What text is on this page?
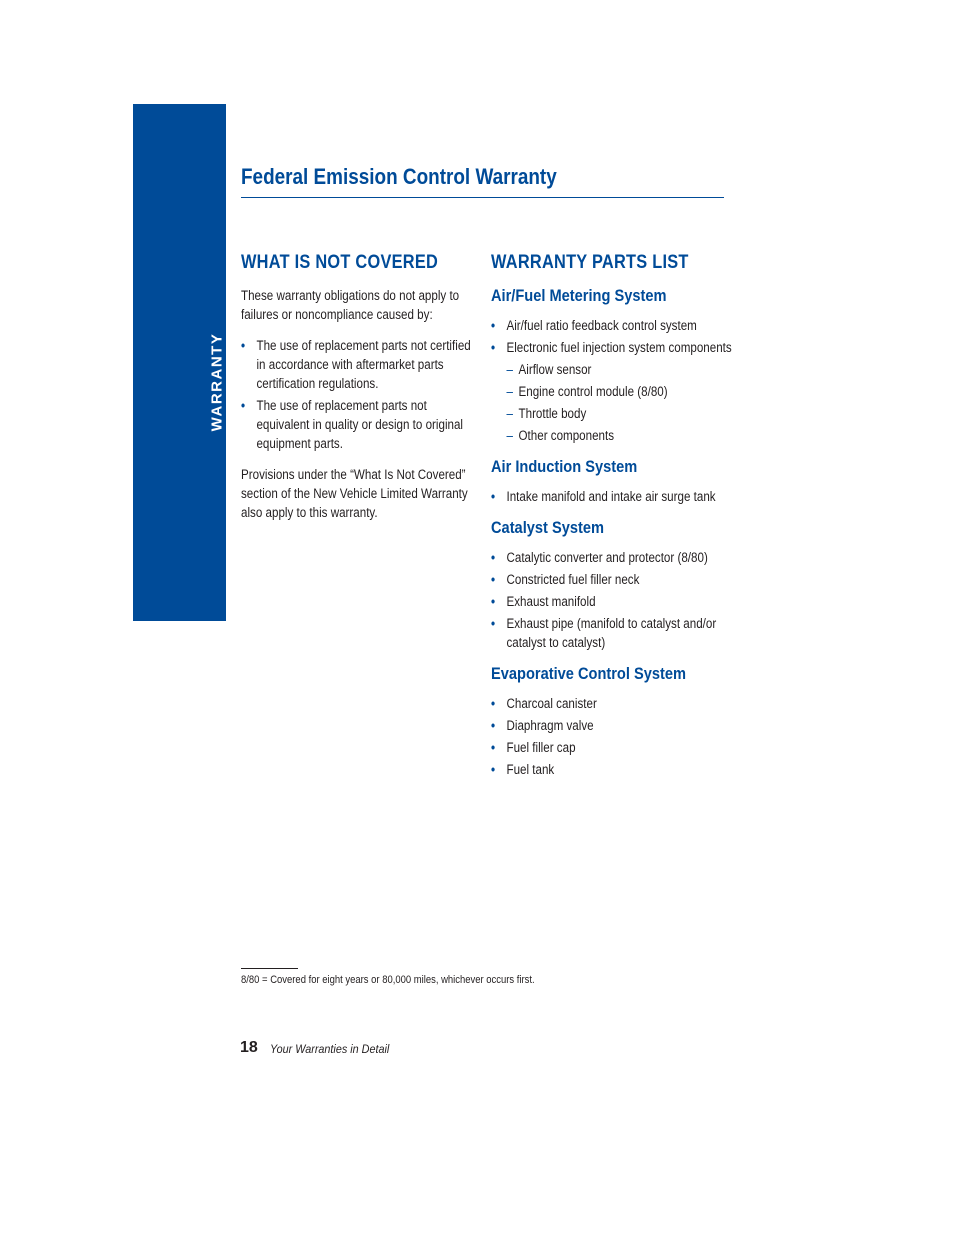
WARRANTY
Federal Emission Control Warranty
WHAT IS NOT COVERED

These warranty obligations do not apply to failures or noncompliance caused by:

• The use of replacement parts not certified in accordance with aftermarket parts certification regulations.
• The use of replacement parts not equivalent in quality or design to original equipment parts.

Provisions under the “What Is Not Covered” section of the New Vehicle Limited Warranty also apply to this warranty.

WARRANTY PARTS LIST
Air/Fuel Metering System
• Air/fuel ratio feedback control system
• Electronic fuel injection system components
– Airflow sensor
– Engine control module (8/80)
– Throttle body
– Other components
Air Induction System
• Intake manifold and intake air surge tank
Catalyst System
• Catalytic converter and protector (8/80)
• Constricted fuel filler neck
• Exhaust manifold
• Exhaust pipe (manifold to catalyst and/or catalyst to catalyst)
Evaporative Control System
• Charcoal canister
• Diaphragm valve
• Fuel filler cap
• Fuel tank

8/80 = Covered for eight years or 80,000 miles, whichever occurs first.

18 Your Warranties in Detail
